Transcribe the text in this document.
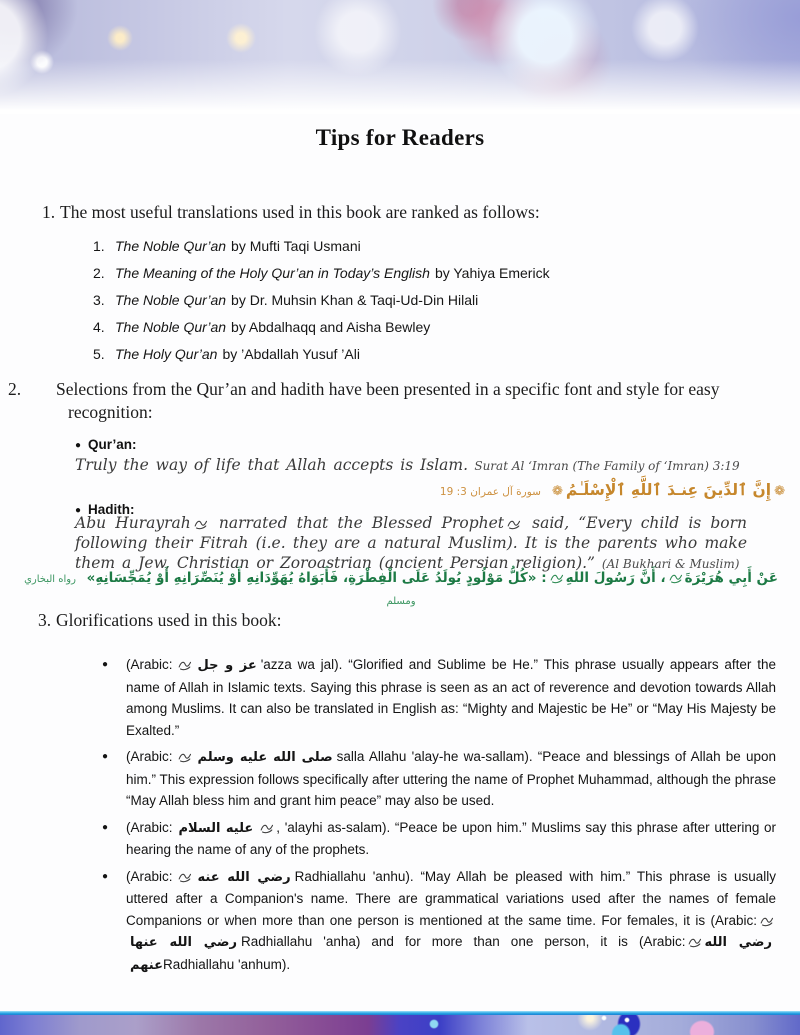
Tips for Readers
1. The most useful translations used in this book are ranked as follows:
1. The Noble Qur’an by Mufti Taqi Usmani
2. The Meaning of the Holy Qur’an in Today’s English by Yahiya Emerick
3. The Noble Qur’an by Dr. Muhsin Khan & Taqi-Ud-Din Hilali
4. The Noble Qur’an by Abdalhaqq and Aisha Bewley
5. The Holy Qur’an by ’Abdallah Yusuf ’Ali
2. Selections from the Qur’an and hadith have been presented in a specific font and style for easy recognition:
● Qur’an:
Truly the way of life that Allah accepts is Islam. Surat Al ‘Imran (The Family of ‘Imran) 3:19
❁إِنَّ ٱلدِّينَ عِنـدَ ٱللَّهِ ٱلْإِسْلَـٰمُ❁سورة آل عمران 3: 19
● Hadith:
Abu Hurayrah narrated that the Blessed Prophet said, “Every child is born following their Fitrah (i.e. they are a natural Muslim). It is the parents who make them a Jew, Christian or Zoroastrian (ancient Persian religion).” (Al Bukhari & Muslim)
عَنْ أَبِي هُرَيْرَةَ، أَنَّ رَسُولَ اللهِ: «كُلُّ مَوْلُودٍ يُولَدُ عَلَى الْفِطْرَةِ، فَأَبَوَاهُ يُهَوِّدَانِهِ أَوْ يُنَصِّرَانِهِ أَوْ يُمَجِّسَانِهِ» رواه البخاري ومسلم
3. Glorifications used in this book:
● (Arabic: عز و جل 'azza wa jal). “Glorified and Sublime be He.” This phrase usually appears after the name of Allah in Islamic texts. Saying this phrase is seen as an act of reverence and devotion towards Allah among Muslims. It can also be translated in English as: “Mighty and Majestic be He” or “May His Majesty be Exalted.”
● (Arabic: صلى الله عليه وسلم salla Allahu 'alay-he wa-sallam). “Peace and blessings of Allah be upon him.” This expression follows specifically after uttering the name of Prophet Muhammad, although the phrase “May Allah bless him and grant him peace” may also be used.
● (Arabic: عليه السلام , 'alayhi as-salam). “Peace be upon him.” Muslims say this phrase after uttering or hearing the name of any of the prophets.
● (Arabic: رضي الله عنه Radhiallahu 'anhu). “May Allah be pleased with him.” This phrase is usually uttered after a Companion's name. There are grammatical variations used after the names of female Companions or when more than one person is mentioned at the same time. For females, it is (Arabic:رضي الله عنها Radhiallahu 'anha) and for more than one person, it is (Arabic: رضي الله عنهمRadhiallahu 'anhum).
